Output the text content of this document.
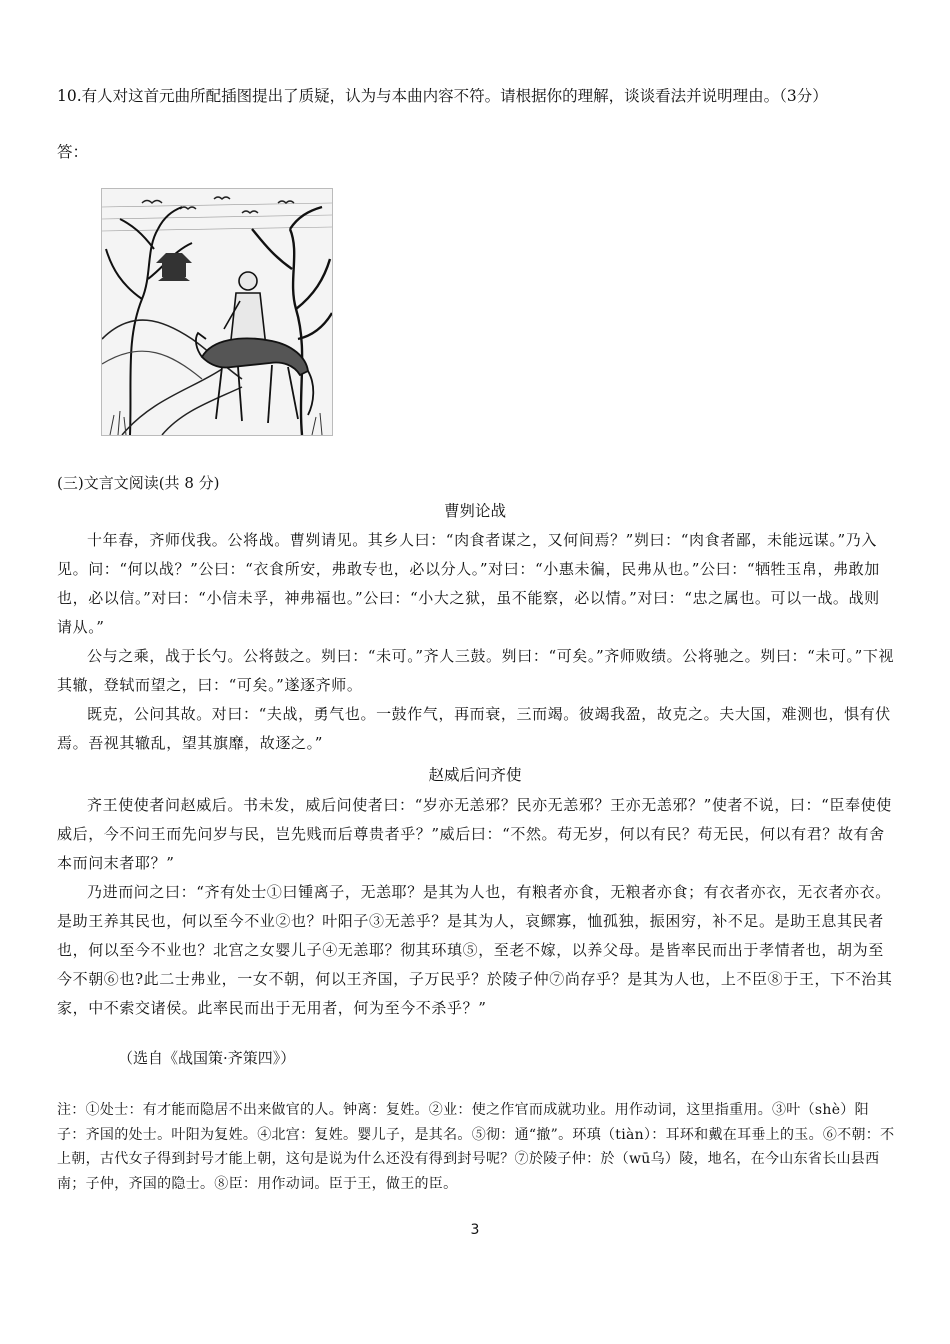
10.有人对这首元曲所配插图提出了质疑，认为与本曲内容不符。请根据你的理解，谈谈看法并说明理由。（3分）

答：

(三)文言文阅读(共 8 分)

曹刿论战

十年春，齐师伐我。公将战。曹刿请见。其乡人曰：“肉食者谋之，又何间焉？”刿曰：“肉食者鄙，未能远谋。”乃入见。问：“何以战？”公曰：“衣食所安，弗敢专也，必以分人。”对曰：“小惠未徧，民弗从也。”公曰：“牺牲玉帛，弗敢加也，必以信。”对曰：“小信未孚，神弗福也。”公曰：“小大之狱，虽不能察，必以情。”对曰：“忠之属也。可以一战。战则请从。”

公与之乘，战于长勺。公将鼓之。刿曰：“未可。”齐人三鼓。刿曰：“可矣。”齐师败绩。公将驰之。刿曰：“未可。”下视其辙，登轼而望之，曰：“可矣。”遂逐齐师。

既克，公问其故。对曰：“夫战，勇气也。一鼓作气，再而衰，三而竭。彼竭我盈，故克之。夫大国，难测也，惧有伏焉。吾视其辙乱，望其旗靡，故逐之。”

赵威后问齐使

齐王使使者问赵威后。书未发，威后问使者曰：“岁亦无恙邪？民亦无恙邪？王亦无恙邪？”使者不说，曰：“臣奉使使威后，今不问王而先问岁与民，岂先贱而后尊贵者乎？”威后曰：“不然。苟无岁，何以有民？苟无民，何以有君？故有舍本而问末者耶？”

乃进而问之曰：“齐有处士①曰锺离子，无恙耶？是其为人也，有粮者亦食，无粮者亦食；有衣者亦衣，无衣者亦衣。是助王养其民也，何以至今不业②也？叶阳子③无恙乎？是其为人，哀鳏寡，恤孤独，振困穷，补不足。是助王息其民者也，何以至今不业也？北宫之女婴儿子④无恙耶？彻其环瑱⑤，至老不嫁，以养父母。是皆率民而出于孝情者也，胡为至今不朝⑥也?此二士弗业，一女不朝，何以王齐国，子万民乎？於陵子仲⑦尚存乎？是其为人也，上不臣⑧于王，下不治其家，中不索交诸侯。此率民而出于无用者，何为至今不杀乎？”

（选自《战国策·齐策四》）

注：①处士：有才能而隐居不出来做官的人。钟离：复姓。②业：使之作官而成就功业。用作动词，这里指重用。③叶（shè）阳子：齐国的处士。叶阳为复姓。④北宫：复姓。婴儿子，是其名。⑤彻：通“撤”。环瑱（tiàn）：耳环和戴在耳垂上的玉。⑥不朝：不上朝，古代女子得到封号才能上朝，这句是说为什么还没有得到封号呢？⑦於陵子仲：於（wū乌）陵，地名，在今山东省长山县西南；子仲，齐国的隐士。⑧臣：用作动词。臣于王，做王的臣。

3
